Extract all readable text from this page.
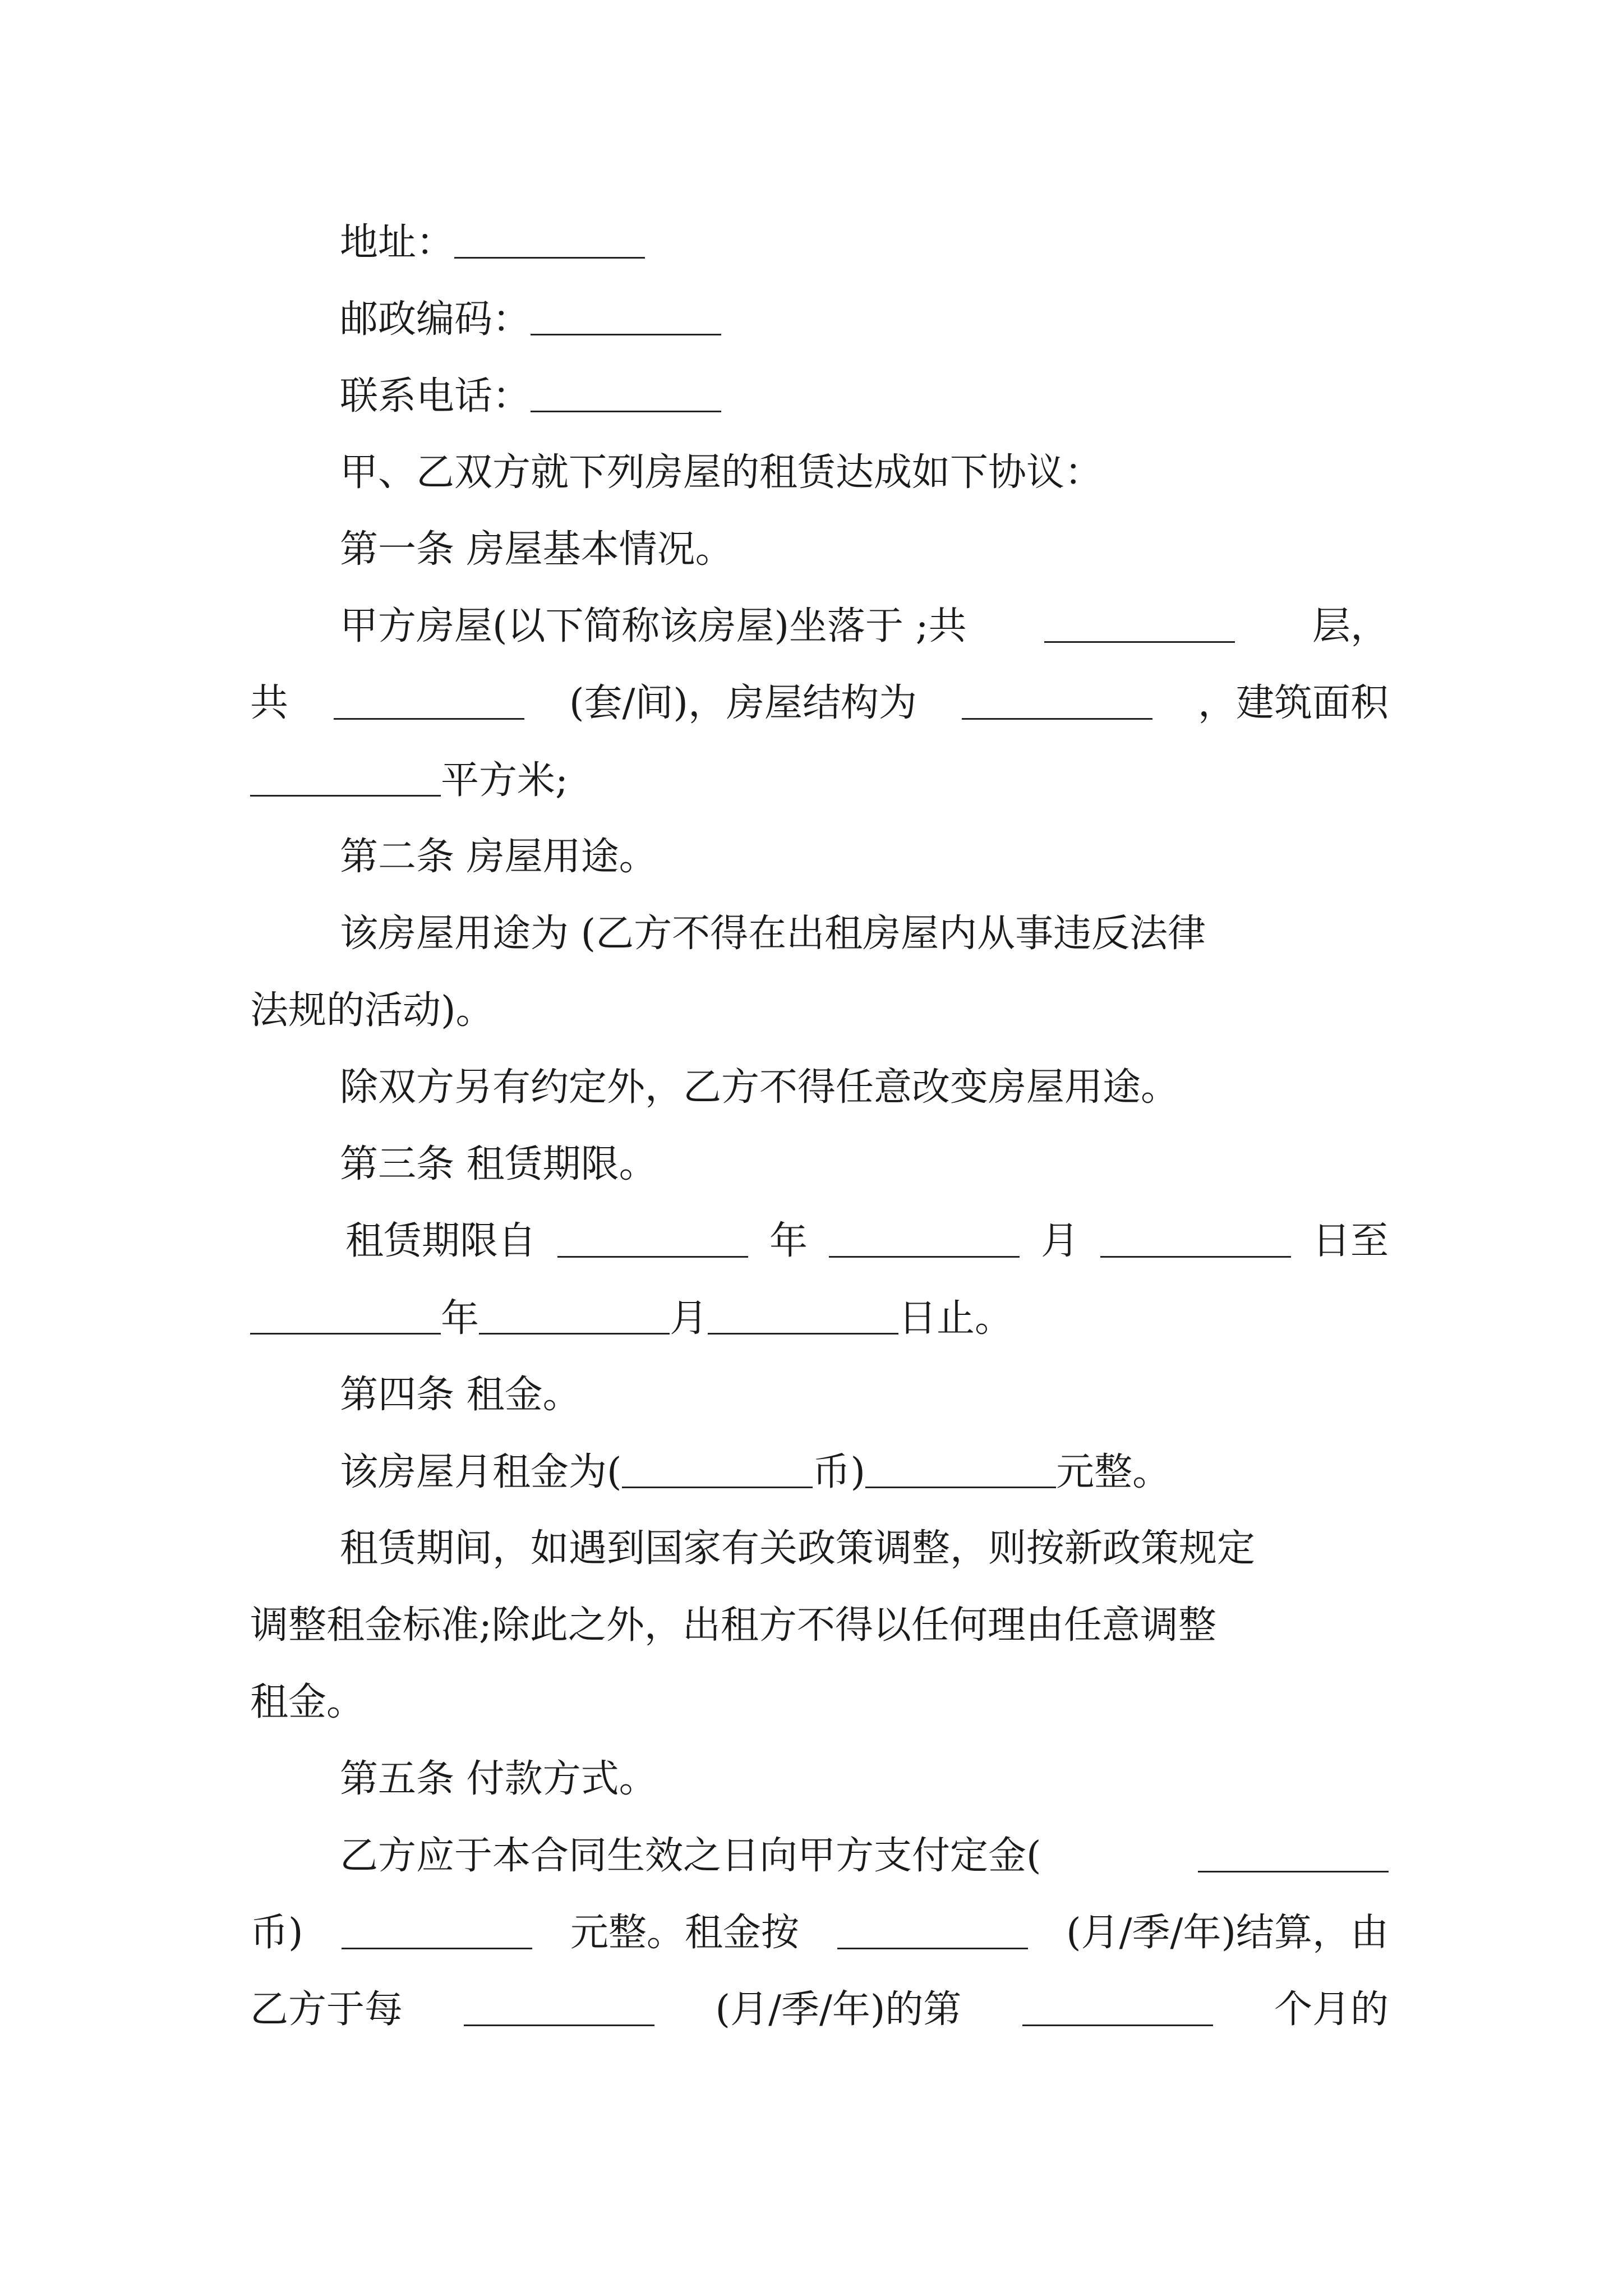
地址：
邮政编码：
联系电话：
甲、乙双方就下列房屋的租赁达成如下协议：
第一条 房屋基本情况。
甲方房屋(以下简称该房屋)坐落于 ;共	层，
共	(套/间)，房屋结构为	，建筑面积
平方米;
第二条 房屋用途。
该房屋用途为 (乙方不得在出租房屋内从事违反法律
法规的活动)。
除双方另有约定外，乙方不得任意改变房屋用途。
第三条 租赁期限。
租赁期限自	年	月	日至
年	月	日止。
第四条 租金。
该房屋月租金为(	币)	元整。
租赁期间，如遇到国家有关政策调整，则按新政策规定
调整租金标准;除此之外，出租方不得以任何理由任意调整
租金。
第五条 付款方式。
乙方应于本合同生效之日向甲方支付定金(
币)	元整。租金按	(月/季/年)结算，由
乙方于每	(月/季/年)的第	个月的
